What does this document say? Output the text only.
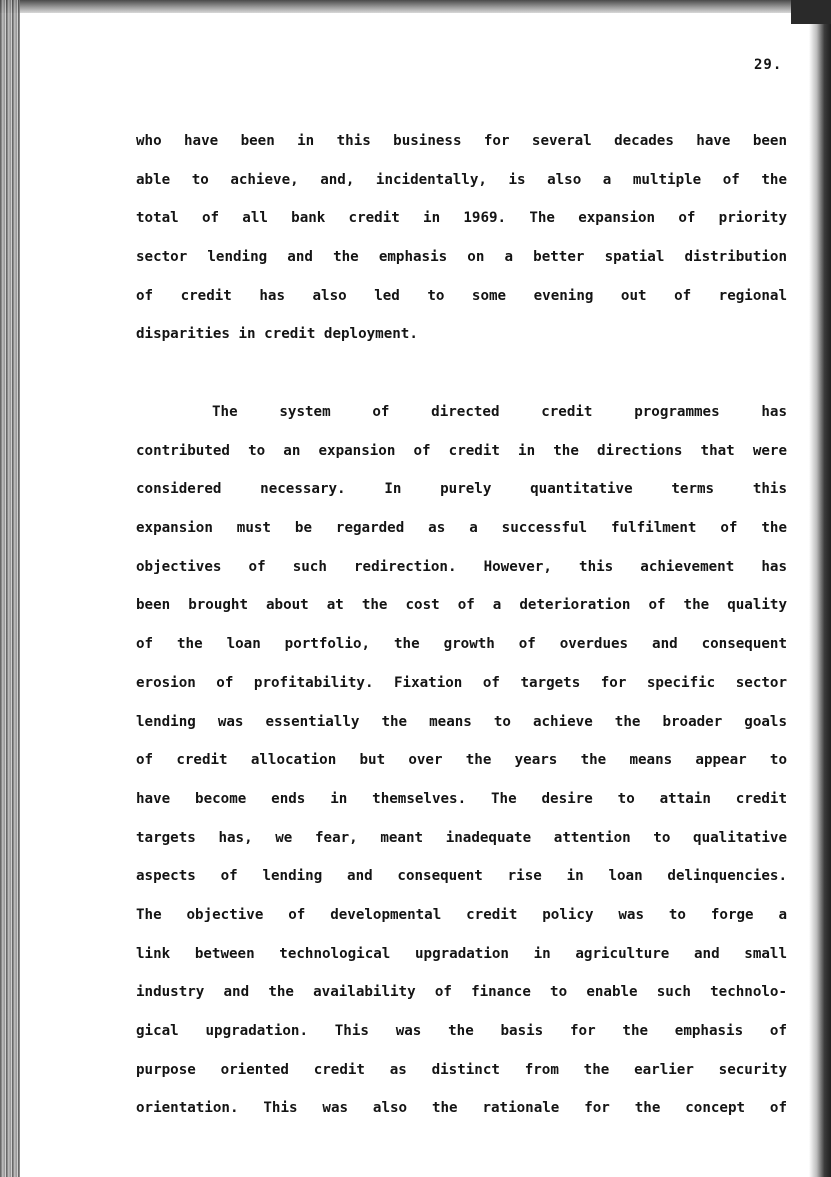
29.
who have been in this business for several decades have been
able to achieve, and, incidentally, is also a multiple of the
total of all bank credit in 1969. The expansion of priority
sector lending and the emphasis on a better spatial distribution
of credit has also led to some evening out of regional
disparities in credit deployment.
The system of directed credit programmes has
contributed to an expansion of credit in the directions that were
considered necessary. In purely quantitative terms this
expansion must be regarded as a successful fulfilment of the
objectives of such redirection. However, this achievement has
been brought about at the cost of a deterioration of the quality
of the loan portfolio, the growth of overdues and consequent
erosion of profitability. Fixation of targets for specific sector
lending was essentially the means to achieve the broader goals
of credit allocation but over the years the means appear to
have become ends in themselves. The desire to attain credit
targets has, we fear, meant inadequate attention to qualitative
aspects of lending and consequent rise in loan delinquencies.
The objective of developmental credit policy was to forge a
link between technological upgradation in agriculture and small
industry and the availability of finance to enable such technolo-
gical upgradation. This was the basis for the emphasis of
purpose oriented credit as distinct from the earlier security
orientation. This was also the rationale for the concept of
